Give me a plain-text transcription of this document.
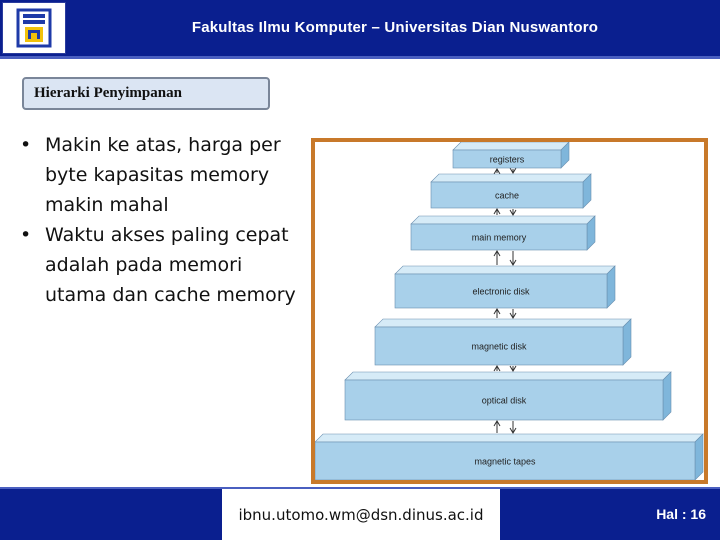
Fakultas Ilmu Komputer – Universitas Dian Nuswantoro
Hierarki Penyimpanan
• Makin ke atas, harga per byte kapasitas memory makin mahal
• Waktu akses paling cepat adalah pada memori utama dan cache memory
registers
cache
main memory
electronic disk
magnetic disk
optical disk
magnetic tapes
ibnu.utomo.wm@dsn.dinus.ac.id	Hal : 16
